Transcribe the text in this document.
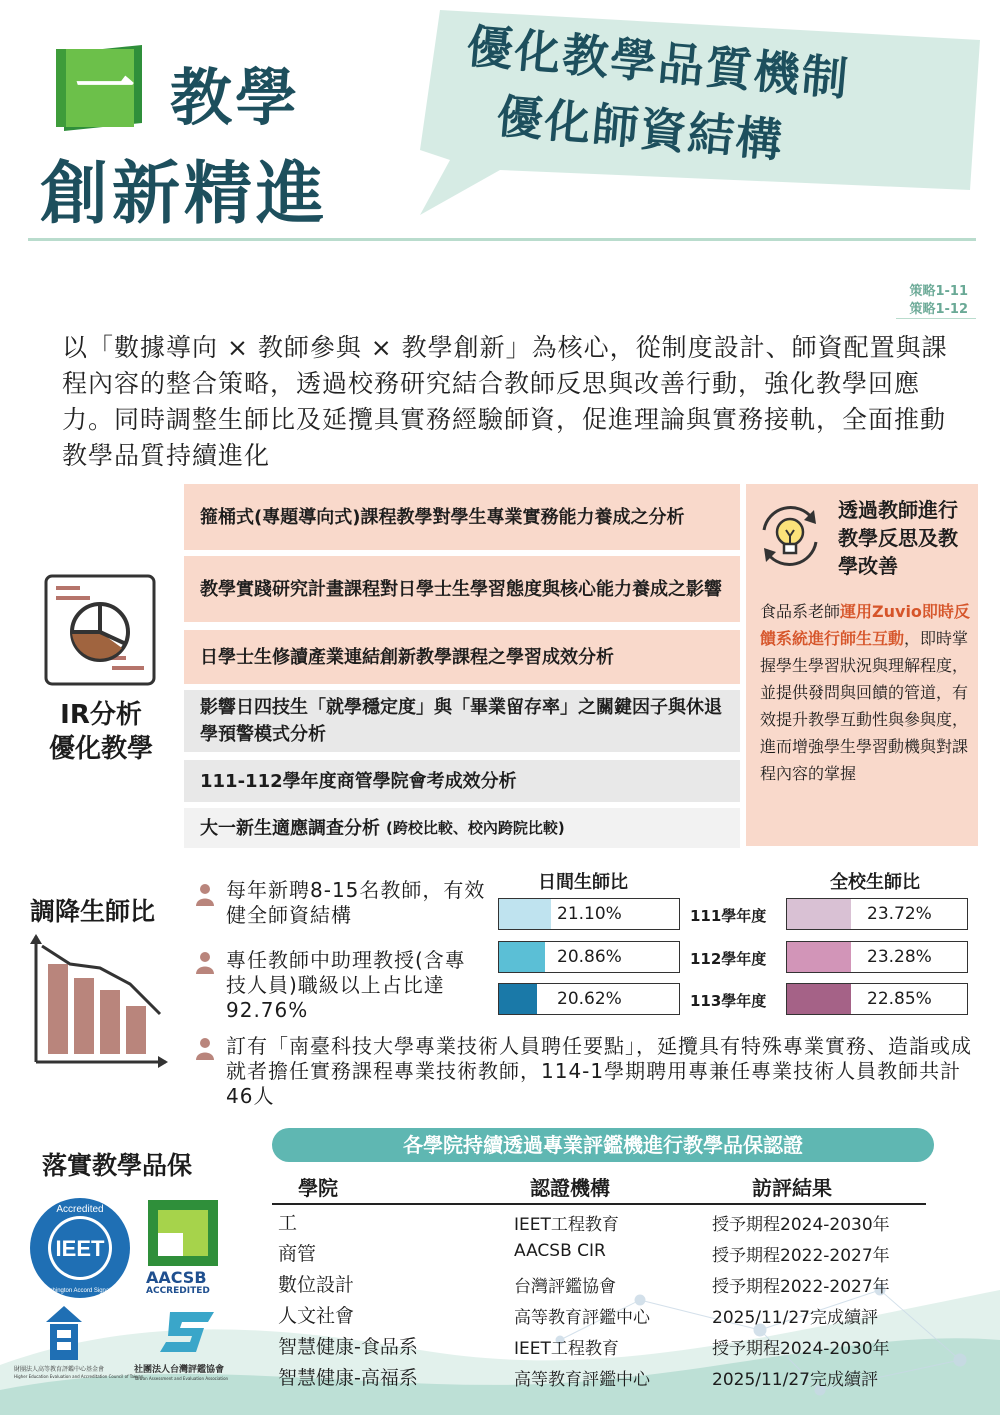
一 教學
創新精進
優化教學品質機制
優化師資結構
策略1-11
策略1-12
以「數據導向 × 教師參與 × 教學創新」為核心，從制度設計、師資配置與課程內容的整合策略，透過校務研究結合教師反思與改善行動，強化教學回應力。同時調整生師比及延攬具實務經驗師資，促進理論與實務接軌，全面推動教學品質持續進化
IR分析
優化教學
箍桶式(專題導向式)課程教學對學生專業實務能力養成之分析
教學實踐研究計畫課程對日學士生學習態度與核心能力養成之影響
日學士生修讀產業連結創新教學課程之學習成效分析
影響日四技生「就學穩定度」與「畢業留存率」之關鍵因子與休退學預警模式分析
111-112學年度商管學院會考成效分析
大一新生適應調查分析 (跨校比較、校內跨院比較)
透過教師進行教學反思及教學改善
食品系老師運用Zuvio即時反饋系統進行師生互動，即時掌握學生學習狀況與理解程度，並提供發問與回饋的管道，有效提升教學互動性與參與度，進而增強學生學習動機與對課程內容的掌握
調降生師比
每年新聘8-15名教師，有效健全師資結構
專任教師中助理教授(含專技人員)職級以上占比達92.76%
訂有「南臺科技大學專業技術人員聘任要點」，延攬具有特殊專業實務、造詣或成就者擔任實務課程專業技術教師，114-1學期聘用專兼任專業技術人員教師共計46人
日間生師比	全校生師比
21.10%	111學年度	23.72%
20.86%	112學年度	23.28%
20.62%	113學年度	22.85%
落實教學品保
各學院持續透過專業評鑑機進行教學品保認證
學院	認證機構	訪評結果
工	IEET工程教育	授予期程2024-2030年
商管	AACSB CIR	授予期程2022-2027年
數位設計	台灣評鑑協會	授予期程2022-2027年
人文社會	高等教育評鑑中心	2025/11/27完成續評
智慧健康-食品系	IEET工程教育	授予期程2024-2030年
智慧健康-高福系	高等教育評鑑中心	2025/11/27完成續評
Accredited
IEET
Washington Accord Signatory
AACSB
ACCREDITED
財團法人高等教育評鑑中心基金會
Higher Education Evaluation and Accreditation Council of Taiwan
社團法人台灣評鑑協會
Taiwan Assessment and Evaluation Association
